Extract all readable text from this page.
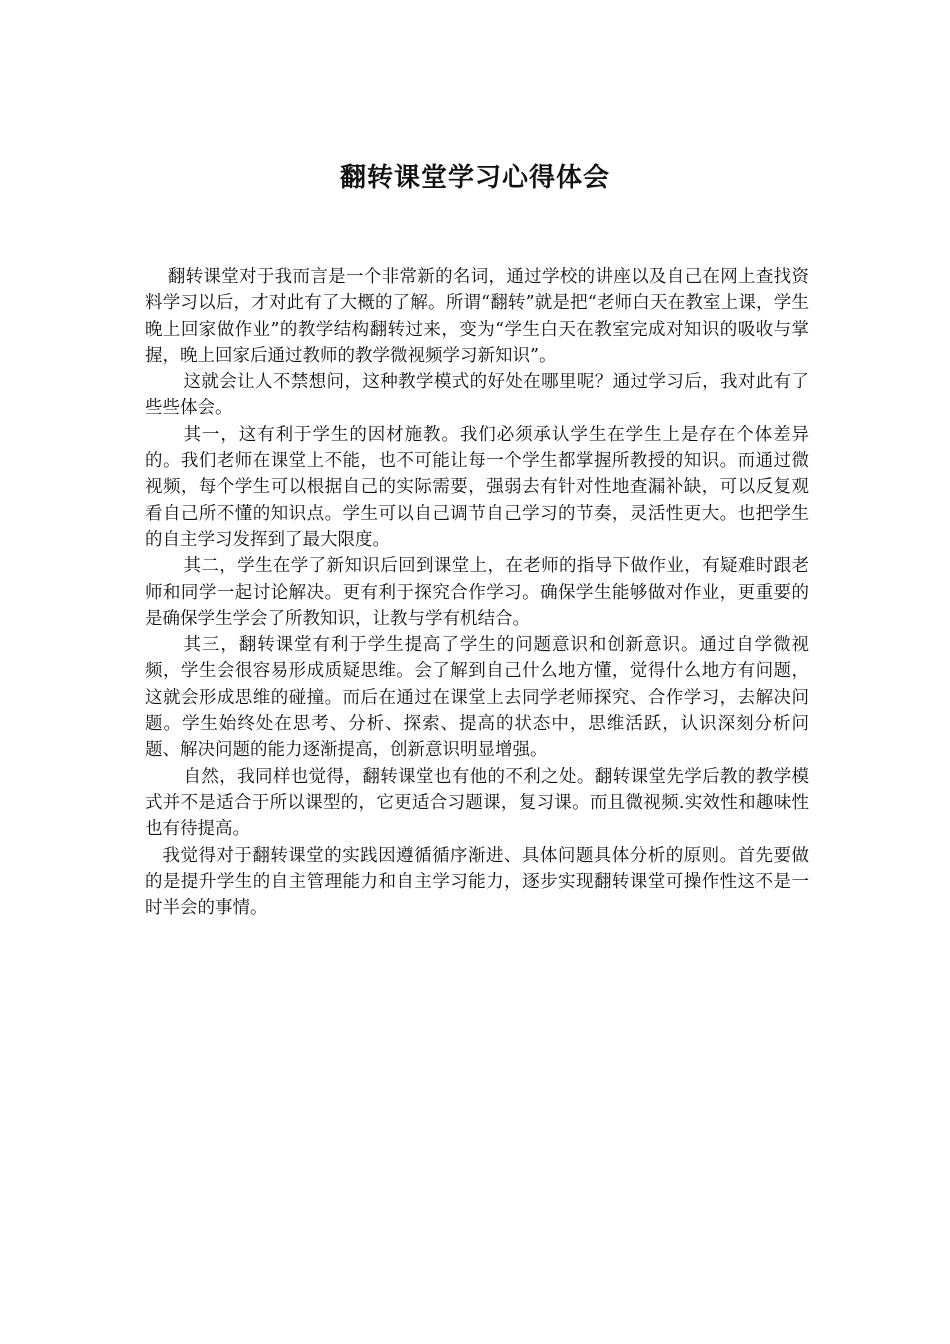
翻转课堂学习心得体会

翻转课堂对于我而言是一个非常新的名词，通过学校的讲座以及自己在网上查找资料学习以后，才对此有了大概的了解。所谓“翻转”就是把“老师白天在教室上课，学生晚上回家做作业”的教学结构翻转过来，变为“学生白天在教室完成对知识的吸收与掌握，晚上回家后通过教师的教学微视频学习新知识”。

这就会让人不禁想问，这种教学模式的好处在哪里呢？通过学习后，我对此有了些些体会。

其一，这有利于学生的因材施教。我们必须承认学生在学生上是存在个体差异的。我们老师在课堂上不能，也不可能让每一个学生都掌握所教授的知识。而通过微视频，每个学生可以根据自己的实际需要，强弱去有针对性地查漏补缺，可以反复观看自己所不懂的知识点。学生可以自己调节自己学习的节奏，灵活性更大。也把学生的自主学习发挥到了最大限度。

其二，学生在学了新知识后回到课堂上，在老师的指导下做作业，有疑难时跟老师和同学一起讨论解决。更有利于探究合作学习。确保学生能够做对作业，更重要的是确保学生学会了所教知识，让教与学有机结合。

其三，翻转课堂有利于学生提高了学生的问题意识和创新意识。通过自学微视频，学生会很容易形成质疑思维。会了解到自己什么地方懂，觉得什么地方有问题，这就会形成思维的碰撞。而后在通过在课堂上去同学老师探究、合作学习，去解决问题。学生始终处在思考、分析、探索、提高的状态中，思维活跃，认识深刻分析问题、解决问题的能力逐渐提高，创新意识明显增强。

自然，我同样也觉得，翻转课堂也有他的不利之处。翻转课堂先学后教的教学模式并不是适合于所以课型的，它更适合习题课，复习课。而且微视频.实效性和趣味性也有待提高。

我觉得对于翻转课堂的实践因遵循循序渐进、具体问题具体分析的原则。首先要做的是提升学生的自主管理能力和自主学习能力，逐步实现翻转课堂可操作性这不是一时半会的事情。
